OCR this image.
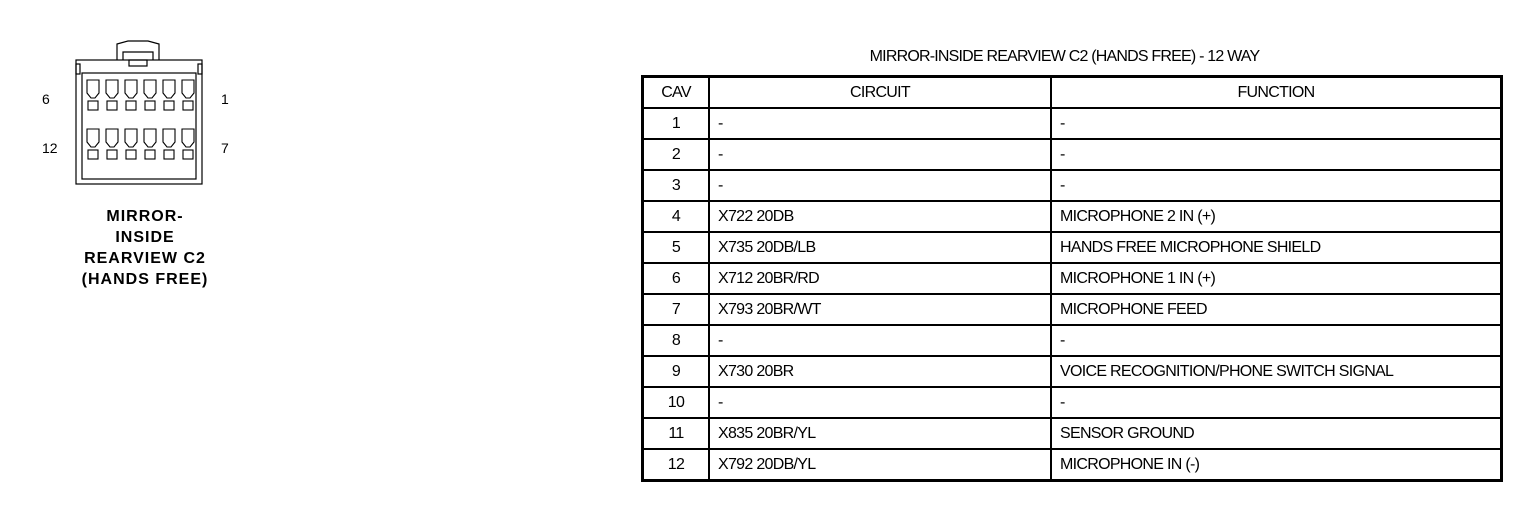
6	1
12	7
MIRROR-
INSIDE
REARVIEW C2
(HANDS FREE)
MIRROR-INSIDE REARVIEW C2 (HANDS FREE) - 12 WAY
CAV	CIRCUIT	FUNCTION
1	-	-
2	-	-
3	-	-
4	X722 20DB	MICROPHONE 2 IN (+)
5	X735 20DB/LB	HANDS FREE MICROPHONE SHIELD
6	X712 20BR/RD	MICROPHONE 1 IN (+)
7	X793 20BR/WT	MICROPHONE FEED
8	-	-
9	X730 20BR	VOICE RECOGNITION/PHONE SWITCH SIGNAL
10	-	-
11	X835 20BR/YL	SENSOR GROUND
12	X792 20DB/YL	MICROPHONE IN (-)
